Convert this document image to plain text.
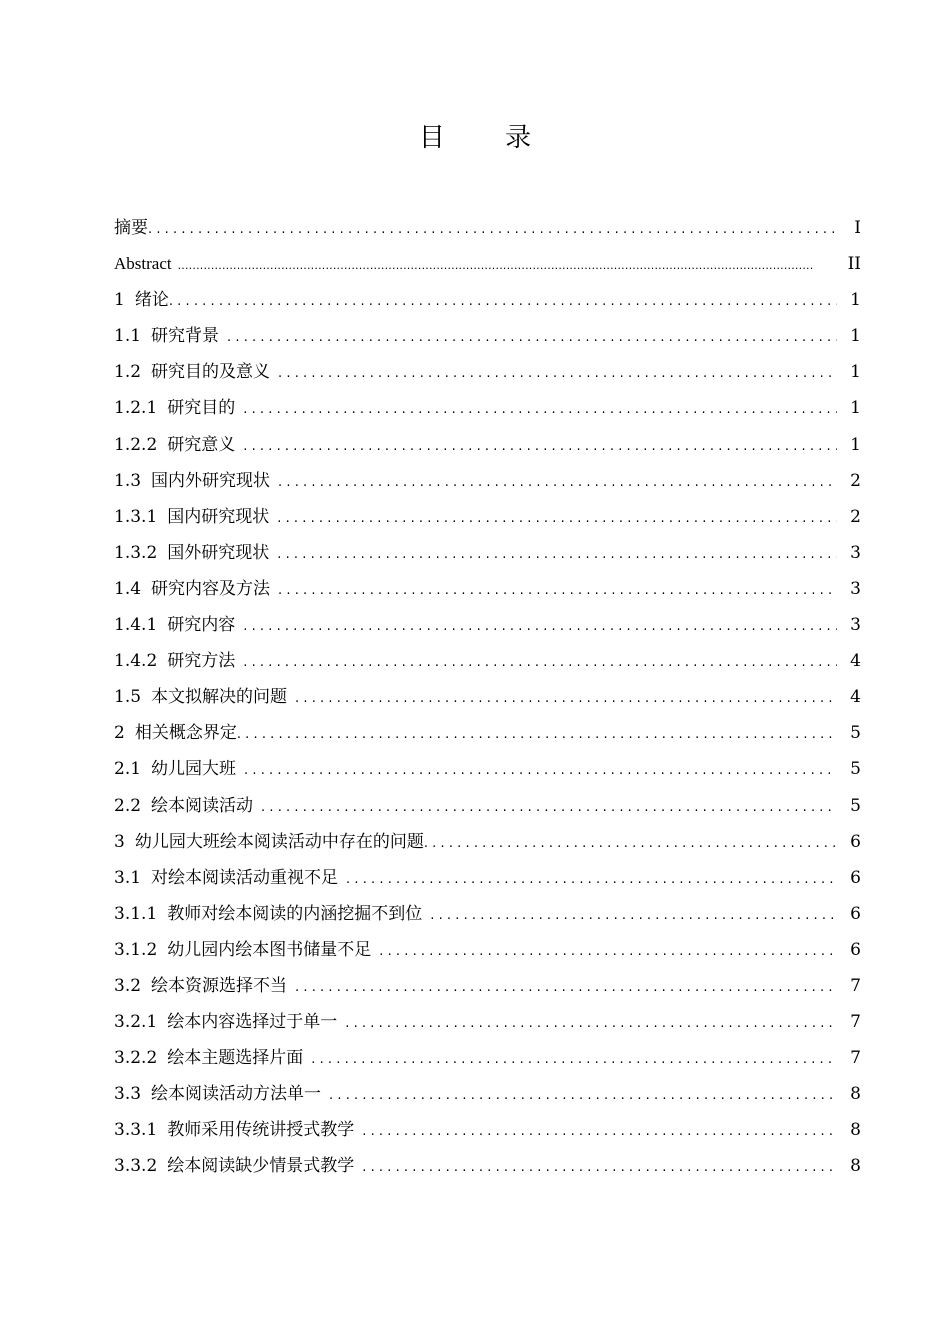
目 录
摘要 .....	I
Abstract .....	II
1 绪论 .....	1
1.1 研究背景 .....	1
1.2 研究目的及意义 .....	1
1.2.1 研究目的 .....	1
1.2.2 研究意义 .....	1
1.3 国内外研究现状 .....	2
1.3.1 国内研究现状 .....	2
1.3.2 国外研究现状 .....	3
1.4 研究内容及方法 .....	3
1.4.1 研究内容 .....	3
1.4.2 研究方法 .....	4
1.5 本文拟解决的问题 .....	4
2 相关概念界定 .....	5
2.1 幼儿园大班 .....	5
2.2 绘本阅读活动 .....	5
3 幼儿园大班绘本阅读活动中存在的问题 .....	6
3.1 对绘本阅读活动重视不足 .....	6
3.1.1 教师对绘本阅读的内涵挖掘不到位 .....	6
3.1.2 幼儿园内绘本图书储量不足 .....	6
3.2 绘本资源选择不当 .....	7
3.2.1 绘本内容选择过于单一 .....	7
3.2.2 绘本主题选择片面 .....	7
3.3 绘本阅读活动方法单一 .....	8
3.3.1 教师采用传统讲授式教学 .....	8
3.3.2 绘本阅读缺少情景式教学 .....	8
